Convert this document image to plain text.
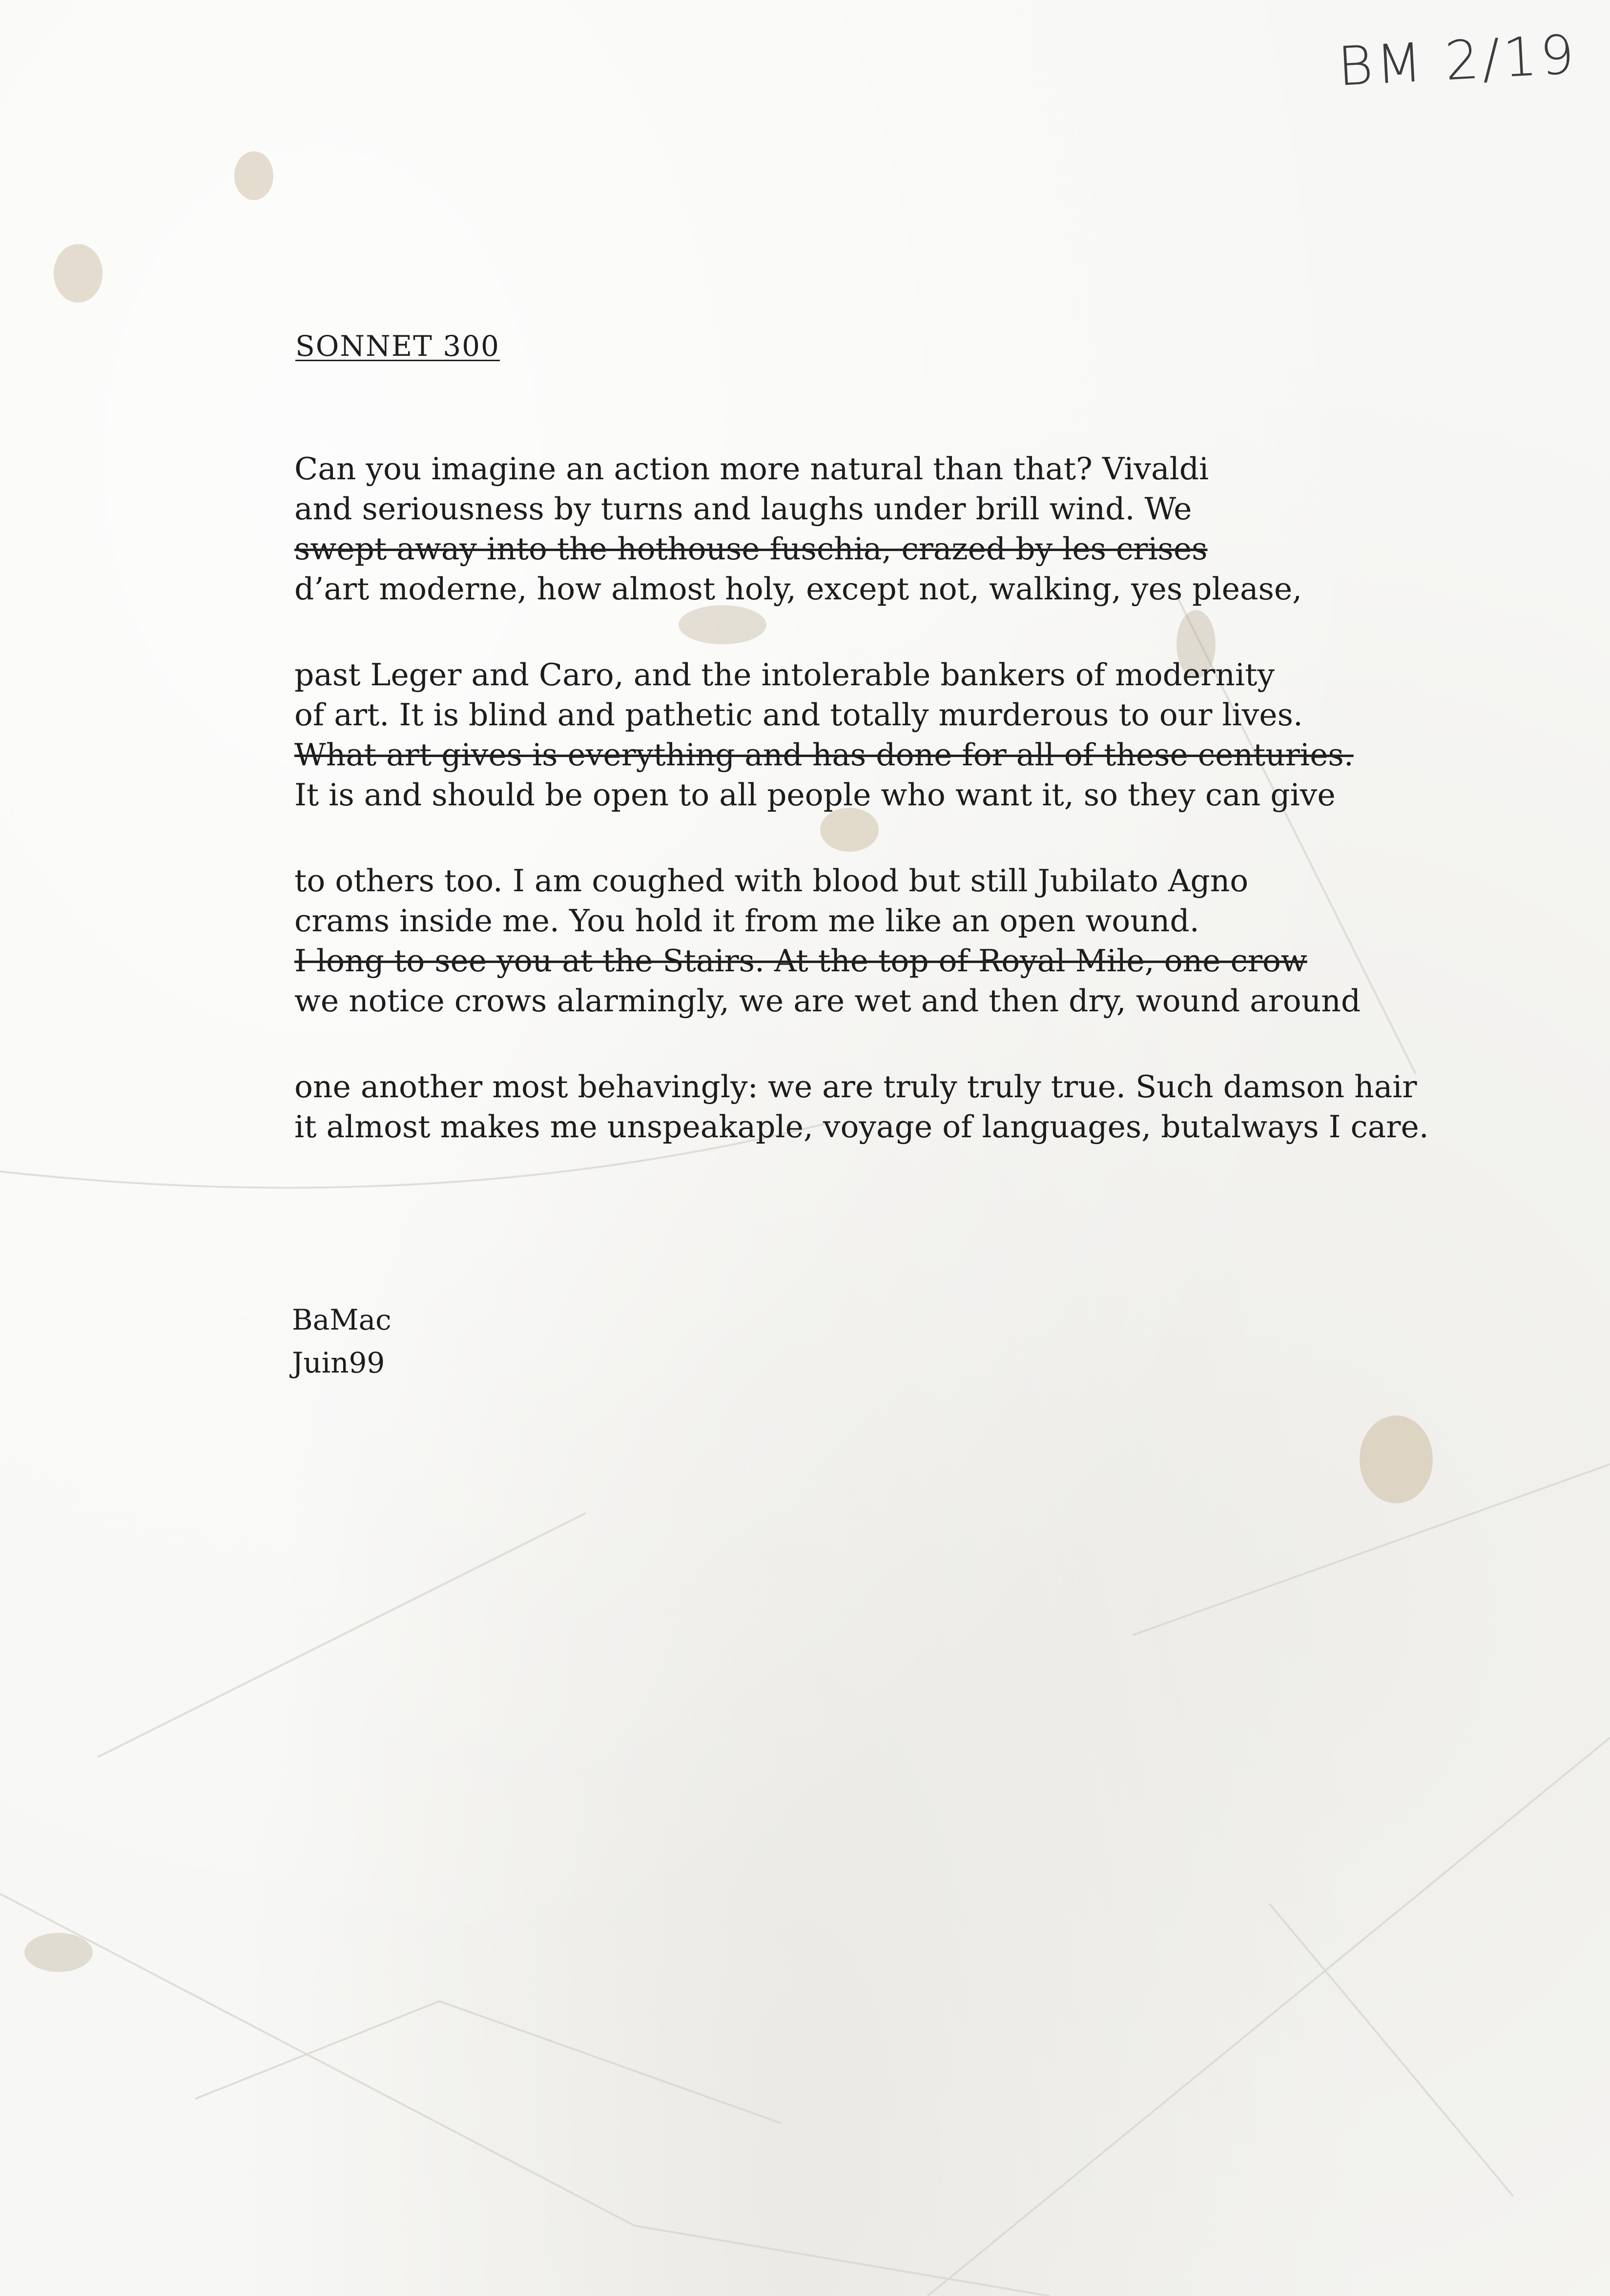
BM 2/19
SONNET 300
Can you imagine an action more natural than that? Vivaldi
and seriousness by turns and laughs under brill wind. We
swept away into the hothouse fuschia, crazed by les crises
d’art moderne, how almost holy, except not, walking, yes please,
past Leger and Caro, and the intolerable bankers of modernity
of art. It is blind and pathetic and totally murderous to our lives.
What art gives is everything and has done for all of these centuries.
It is and should be open to all people who want it, so they can give
to others too. I am coughed with blood but still Jubilato Agno
crams inside me. You hold it from me like an open wound.
I long to see you at the Stairs. At the top of Royal Mile, one crow
we notice crows alarmingly, we are wet and then dry, wound around
one another most behavingly: we are truly truly true. Such damson hair
it almost makes me unspeakaple, voyage of languages, butalways I care.
BaMac
Juin99
